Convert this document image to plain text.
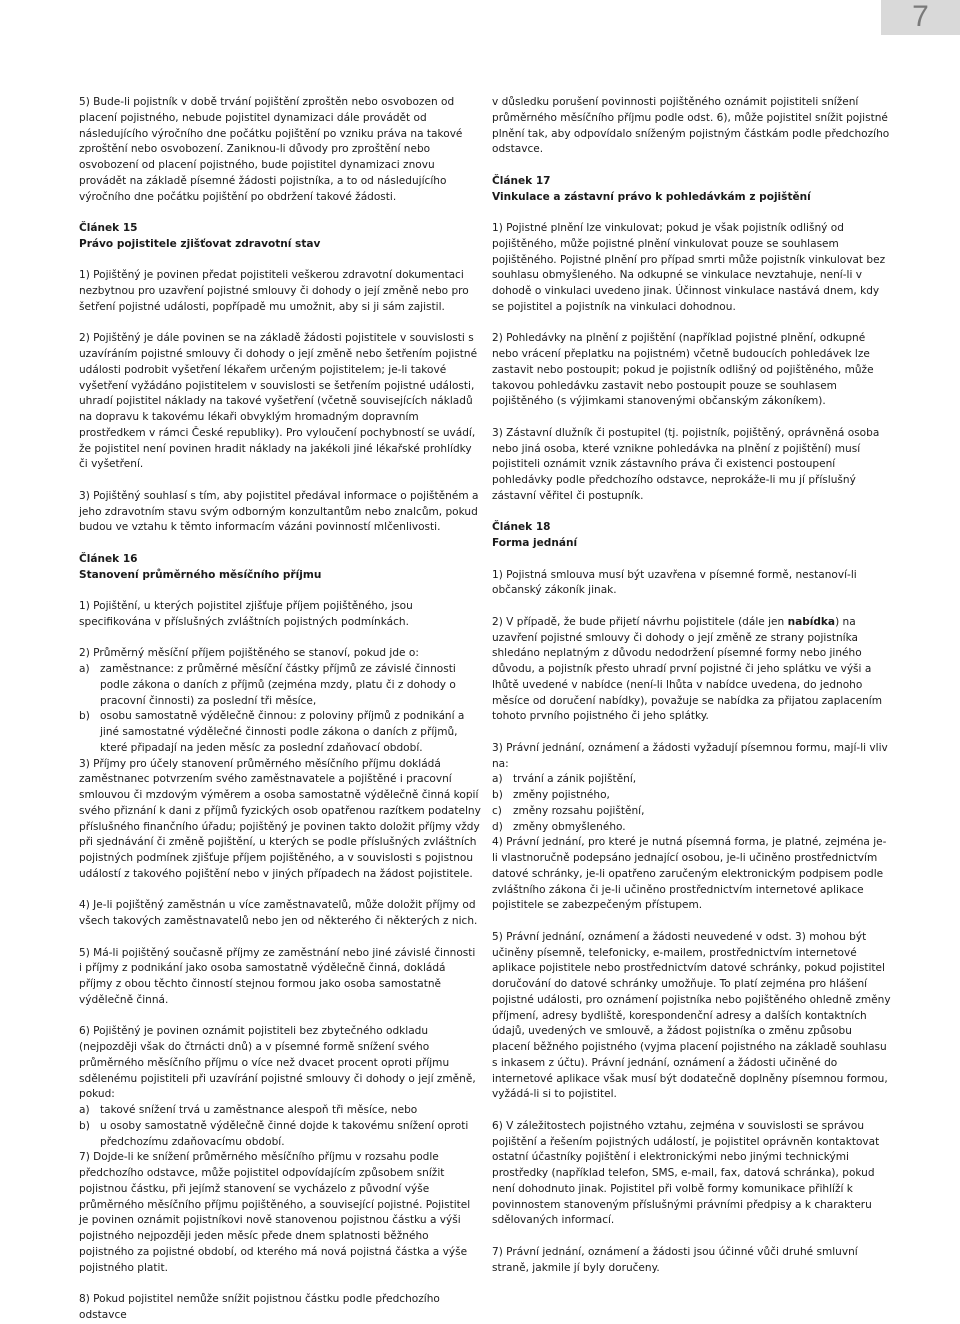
7

5) Bude-li pojistník v době trvání pojištění zproštěn nebo osvobozen od placení pojistného, nebude pojistitel dynamizaci dále provádět od následujícího výročního dne počátku pojištění po vzniku práva na takové zproštění nebo osvobození. Zaniknou-li důvody pro zproštění nebo osvobození od placení pojistného, bude pojistitel dynamizaci znovu provádět na základě písemné žádosti pojistníka, a to od následujícího výročního dne počátku pojištění po obdržení takové žádosti.

Článek 15

Právo pojistitele zjišťovat zdravotní stav

1) Pojištěný je povinen předat pojistiteli veškerou zdravotní dokumentaci nezbytnou pro uzavření pojistné smlouvy či dohody o její změně nebo pro šetření pojistné události, popřípadě mu umožnit, aby si ji sám zajistil.

2) Pojištěný je dále povinen se na základě žádosti pojistitele v souvislosti s uzavíráním pojistné smlouvy či dohody o její změně nebo šetřením pojistné události podrobit vyšetření lékařem určeným pojistitelem; je-li takové vyšetření vyžádáno pojistitelem v souvislosti se šetřením pojistné události, uhradí pojistitel náklady na takové vyšetření (včetně souvisejících nákladů na dopravu k takovému lékaři obvyklým hromadným dopravním prostředkem v rámci České republiky). Pro vyloučení pochybností se uvádí, že pojistitel není povinen hradit náklady na jakékoli jiné lékařské prohlídky či vyšetření.

3) Pojištěný souhlasí s tím, aby pojistitel předával informace o pojištěném a jeho zdravotním stavu svým odborným konzultantům nebo znalcům, pokud budou ve vztahu k těmto informacím vázáni povinností mlčenlivosti.

Článek 16

Stanovení průměrného měsíčního příjmu

1) Pojištění, u kterých pojistitel zjišťuje příjem pojištěného, jsou specifikována v příslušných zvláštních pojistných podmínkách.

2) Průměrný měsíční příjem pojištěného se stanoví, pokud jde o:

a) zaměstnance: z průměrné měsíční částky příjmů ze závislé činnosti podle zákona o daních z příjmů (zejména mzdy, platu či z dohody o pracovní činnosti) za poslední tři měsíce,
b) osobu samostatně výdělečně činnou: z poloviny příjmů z podnikání a jiné samostatné výdělečné činnosti podle zákona o daních z příjmů, které připadají na jeden měsíc za poslední zdaňovací období.

3) Příjmy pro účely stanovení průměrného měsíčního příjmu dokládá zaměstnanec potvrzením svého zaměstnavatele a pojištěné i pracovní smlouvou či mzdovým výměrem a osoba samostatně výdělečně činná kopií svého přiznání k dani z příjmů fyzických osob opatřenou razítkem podatelny příslušného finančního úřadu; pojištěný je povinen takto doložit příjmy vždy při sjednávání či změně pojištění, u kterých se podle příslušných zvláštních pojistných podmínek zjišťuje příjem pojištěného, a v souvislosti s pojistnou událostí z takového pojištění nebo v jiných případech na žádost pojistitele.

4) Je-li pojištěný zaměstnán u více zaměstnavatelů, může doložit příjmy od všech takových zaměstnavatelů nebo jen od některého či některých z nich.

5) Má-li pojištěný současně příjmy ze zaměstnání nebo jiné závislé činnosti i příjmy z podnikání jako osoba samostatně výdělečně činná, dokládá příjmy z obou těchto činností stejnou formou jako osoba samostatně výdělečně činná.

6) Pojištěný je povinen oznámit pojistiteli bez zbytečného odkladu (nejpozději však do čtrnácti dnů) a v písemné formě snížení svého průměrného měsíčního příjmu o více než dvacet procent oproti příjmu sdělenému pojistiteli při uzavírání pojistné smlouvy či dohody o její změně, pokud:

a) takové snížení trvá u zaměstnance alespoň tři měsíce, nebo
b) u osoby samostatně výdělečně činné dojde k takovému snížení oproti předchozímu zdaňovacímu období.

7) Dojde-li ke snížení průměrného měsíčního příjmu v rozsahu podle předchozího odstavce, může pojistitel odpovídajícím způsobem snížit pojistnou částku, při jejímž stanovení se vycházelo z původní výše průměrného měsíčního příjmu pojištěného, a související pojistné. Pojistitel je povinen oznámit pojistníkovi nově stanovenou pojistnou částku a výši pojistného nejpozději jeden měsíc přede dnem splatnosti běžného pojistného za pojistné období, od kterého má nová pojistná částka a výše pojistného platit.

8) Pokud pojistitel nemůže snížit pojistnou částku podle předchozího odstavce

v důsledku porušení povinnosti pojištěného oznámit pojistiteli snížení průměrného měsíčního příjmu podle odst. 6), může pojistitel snížit pojistné plnění tak, aby odpovídalo sníženým pojistným částkám podle předchozího odstavce.

Článek 17

Vinkulace a zástavní právo k pohledávkám z pojištění

1) Pojistné plnění lze vinkulovat; pokud je však pojistník odlišný od pojištěného, může pojistné plnění vinkulovat pouze se souhlasem pojištěného. Pojistné plnění pro případ smrti může pojistník vinkulovat bez souhlasu obmyšleného. Na odkupné se vinkulace nevztahuje, není-li v dohodě o vinkulaci uvedeno jinak. Účinnost vinkulace nastává dnem, kdy se pojistitel a pojistník na vinkulaci dohodnou.

2) Pohledávky na plnění z pojištění (například pojistné plnění, odkupné nebo vrácení přeplatku na pojistném) včetně budoucích pohledávek lze zastavit nebo postoupit; pokud je pojistník odlišný od pojištěného, může takovou pohledávku zastavit nebo postoupit pouze se souhlasem pojištěného (s výjimkami stanovenými občanským zákoníkem).

3) Zástavní dlužník či postupitel (tj. pojistník, pojištěný, oprávněná osoba nebo jiná osoba, které vznikne pohledávka na plnění z pojištění) musí pojistiteli oznámit vznik zástavního práva či existenci postoupení pohledávky podle předchozího odstavce, neprokáže-li mu jí příslušný zástavní věřitel či postupník.

Článek 18

Forma jednání

1) Pojistná smlouva musí být uzavřena v písemné formě, nestanoví-li občanský zákoník jinak.

2) V případě, že bude přijetí návrhu pojistitele (dále jen nabídka) na uzavření pojistné smlouvy či dohody o její změně ze strany pojistníka shledáno neplatným z důvodu nedodržení písemné formy nebo jiného důvodu, a pojistník přesto uhradí první pojistné či jeho splátku ve výši a lhůtě uvedené v nabídce (není-li lhůta v nabídce uvedena, do jednoho měsíce od doručení nabídky), považuje se nabídka za přijatou zaplacením tohoto prvního pojistného či jeho splátky.

3) Právní jednání, oznámení a žádosti vyžadují písemnou formu, mají-li vliv na:

a) trvání a zánik pojištění,
b) změny pojistného,
c)	změny rozsahu pojištění,
d) změny obmyšleného.

4) Právní jednání, pro které je nutná písemná forma, je platné, zejména je-li vlastnoručně podepsáno jednající osobou, je-li učiněno prostřednictvím datové schránky, je-li opatřeno zaručeným elektronickým podpisem podle zvláštního zákona či je-li učiněno prostřednictvím internetové aplikace pojistitele se zabezpečeným přístupem.

5) Právní jednání, oznámení a žádosti neuvedené v odst. 3) mohou být učiněny písemně, telefonicky, e-mailem, prostřednictvím internetové aplikace pojistitele nebo prostřednictvím datové schránky, pokud pojistitel doručování do datové schránky umožňuje. To platí zejména pro hlášení pojistné události, pro oznámení pojistníka nebo pojištěného ohledně změny příjmení, adresy bydliště, korespondenční adresy a dalších kontaktních údajů, uvedených ve smlouvě, a žádost pojistníka o změnu způsobu placení běžného pojistného (vyjma placení pojistného na základě souhlasu s inkasem z účtu). Právní jednání, oznámení a žádosti učiněné do internetové aplikace však musí být dodatečně doplněny písemnou formou, vyžádá-li si to pojistitel.

6) V záležitostech pojistného vztahu, zejména v souvislosti se správou pojištění a řešením pojistných událostí, je pojistitel oprávněn kontaktovat ostatní účastníky pojištění i elektronickými nebo jinými technickými prostředky (například telefon, SMS, e-mail, fax, datová schránka), pokud není dohodnuto jinak. Pojistitel při volbě formy komunikace přihlíží k povinnostem stanoveným příslušnými právními předpisy a k charakteru sdělovaných informací.

7) Právní jednání, oznámení a žádosti jsou účinné vůči druhé smluvní straně, jakmile jí byly doručeny.
